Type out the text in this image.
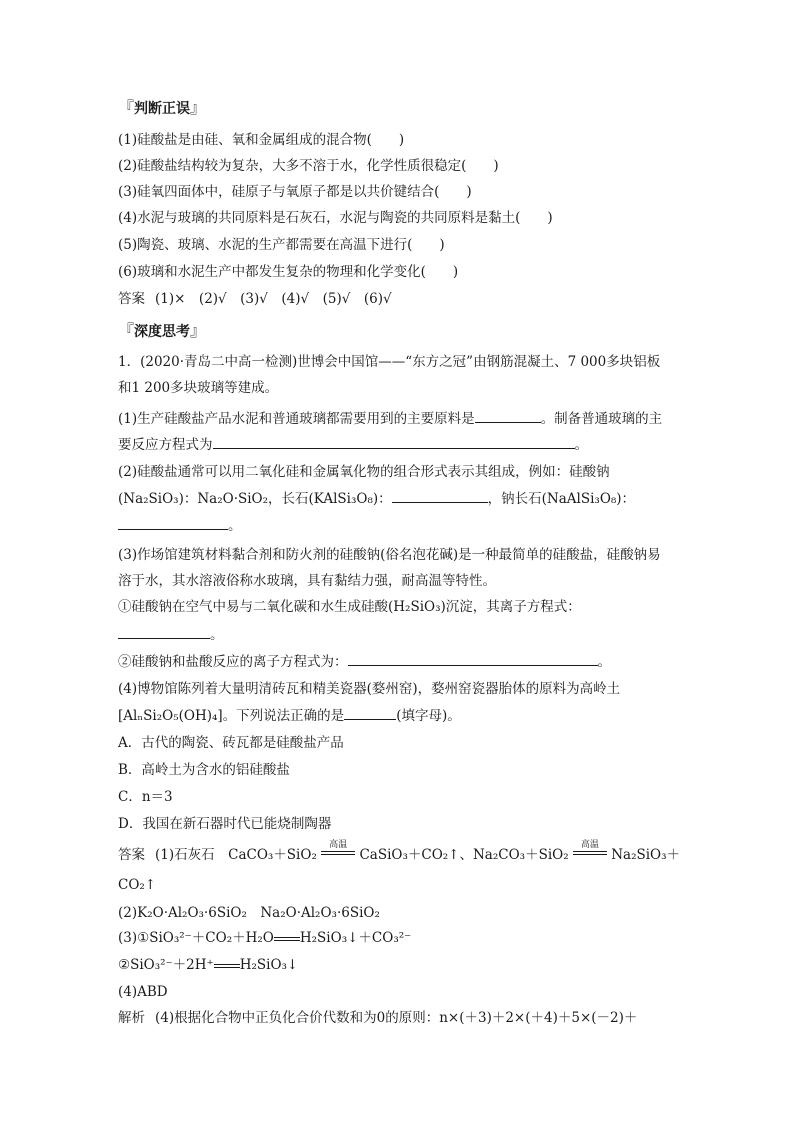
『判断正误』
(1)硅酸盐是由硅、氧和金属组成的混合物(　　)
(2)硅酸盐结构较为复杂，大多不溶于水，化学性质很稳定(　　)
(3)硅氧四面体中，硅原子与氧原子都是以共价键结合(　　)
(4)水泥与玻璃的共同原料是石灰石，水泥与陶瓷的共同原料是黏土(　　)
(5)陶瓷、玻璃、水泥的生产都需要在高温下进行(　　)
(6)玻璃和水泥生产中都发生复杂的物理和化学变化(　　)
答案 (1)×　(2)√　(3)√　(4)√　(5)√　(6)√
『深度思考』
1．(2020·青岛二中高一检测)世博会中国馆——“东方之冠”由钢筋混凝土、7 000多块铝板
和1 200多块玻璃等建成。
(1)生产硅酸盐产品水泥和普通玻璃都需要用到的主要原料是	。制备普通玻璃的主
要反应方程式为	。
(2)硅酸盐通常可以用二氧化硅和金属氧化物的组合形式表示其组成，例如：硅酸钠
(Na₂SiO₃)：Na₂O·SiO₂，长石(KAlSi₃O₈)：	，钠长石(NaAlSi₃O₈)：
。
(3)作场馆建筑材料黏合剂和防火剂的硅酸钠(俗名泡花碱)是一种最简单的硅酸盐，硅酸钠易
溶于水，其水溶液俗称水玻璃，具有黏结力强，耐高温等特性。
①硅酸钠在空气中易与二氧化碳和水生成硅酸(H₂SiO₃)沉淀，其离子方程式：
。
②硅酸钠和盐酸反应的离子方程式为：	。
(4)博物馆陈列着大量明清砖瓦和精美瓷器(婺州窑)，婺州窑瓷器胎体的原料为高岭土
[AlₙSi₂O₅(OH)₄]。下列说法正确的是	(填字母)。
A．古代的陶瓷、砖瓦都是硅酸盐产品
B．高岭土为含水的铝硅酸盐
C．n＝3
D．我国在新石器时代已能烧制陶器
答案 (1)石灰石　CaCO₃＋SiO₂
高温
CaSiO₃＋CO₂↑、Na₂CO₃＋SiO₂
高温
Na₂SiO₃＋
CO₂↑
(2)K₂O·Al₂O₃·6SiO₂　Na₂O·Al₂O₃·6SiO₂
(3)①SiO₃²⁻＋CO₂＋H₂O H₂SiO₃↓＋CO₃²⁻
②SiO₃²⁻＋2H⁺ H₂SiO₃↓
(4)ABD
解析 (4)根据化合物中正负化合价代数和为0的原则：n×(＋3)＋2×(＋4)＋5×(－2)＋
